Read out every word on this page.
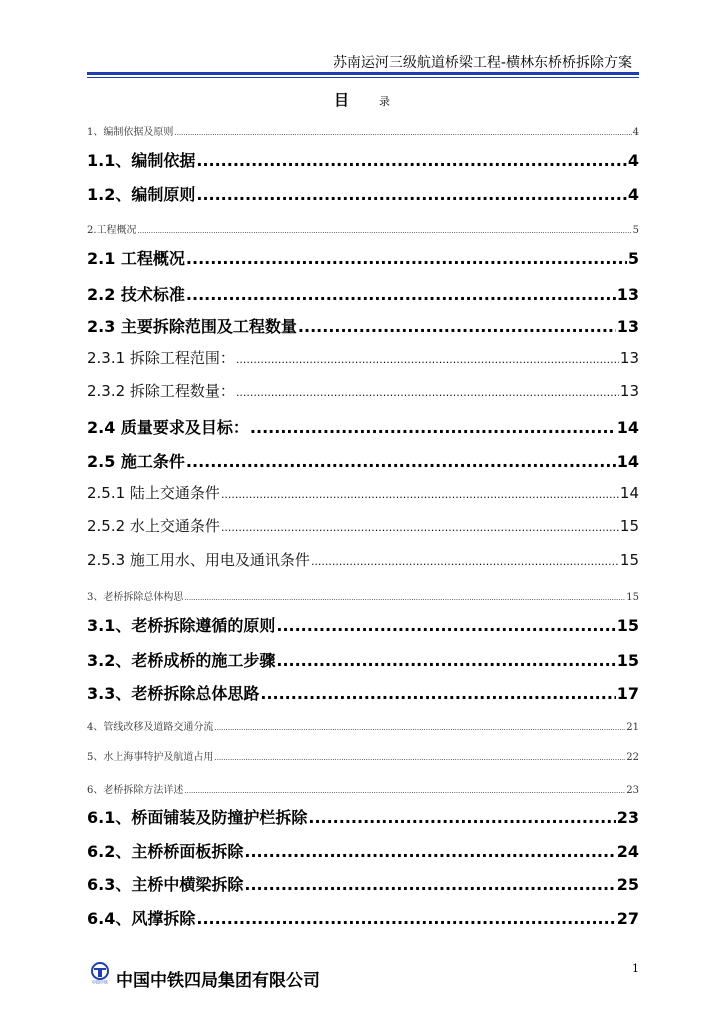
苏南运河三级航道桥梁工程-横林东桥桥拆除方案
目	录
1、编制依据及原则 .....	4
1.1、编制依据 .....	4
1.2、编制原则 .....	4
2.工程概况 .....	5
2.1 工程概况 .....	5
2.2 技术标准 .....	13
2.3 主要拆除范围及工程数量 .....	13
2.3.1 拆除工程范围： .....	13
2.3.2 拆除工程数量： .....	13
2.4 质量要求及目标： .....	14
2.5 施工条件 .....	14
2.5.1 陆上交通条件 .....	14
2.5.2 水上交通条件 .....	15
2.5.3 施工用水、用电及通讯条件 .....	15
3、老桥拆除总体构思 .....	15
3.1、老桥拆除遵循的原则 .....	15
3.2、老桥成桥的施工步骤 .....	15
3.3、老桥拆除总体思路 .....	17
4、管线改移及道路交通分流 .....	21
5、水上海事特护及航道占用 .....	22
6、老桥拆除方法详述 .....	23
6.1、桥面铺装及防撞护栏拆除 .....	23
6.2、主桥桥面板拆除 .....	24
6.3、主桥中横梁拆除 .....	25
6.4、风撑拆除 .....	27
中国中铁 中国中铁四局集团有限公司
1
